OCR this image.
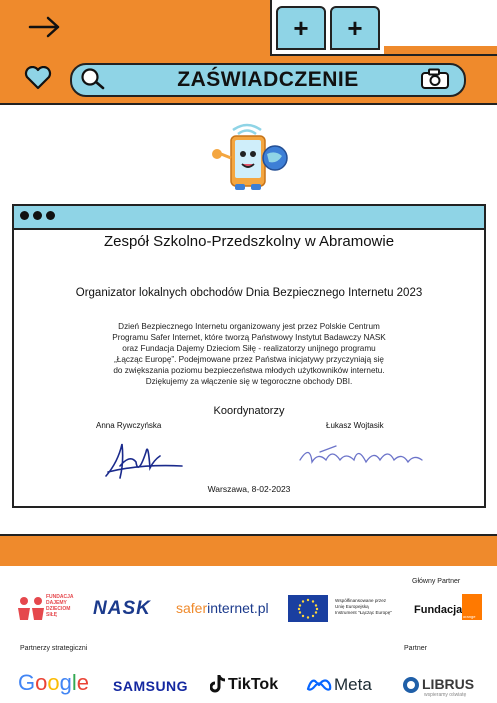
+	+
ZAŚWIADCZENIE
Zespół Szkolno-Przedszkolny w Abramowie
Organizator lokalnych obchodów Dnia Bezpiecznego Internetu 2023
Dzień Bezpiecznego Internetu organizowany jest przez Polskie Centrum
Programu Safer Internet, które tworzą Państwowy Instytut Badawczy NASK
oraz Fundacja Dajemy Dzieciom Siłę - realizatorzy unijnego programu
„Łącząc Europę”. Podejmowane przez Państwa inicjatywy przyczyniają się
do zwiększania poziomu bezpieczeństwa młodych użytkowników internetu.
Dziękujemy za włączenie się w tegoroczne obchody DBI.
Koordynatorzy
Anna Rywczyńska	Łukasz Wojtasik
Warszawa, 8-02-2023
Główny Partner
FUNDACJA
DAJEMY
DZIECIOM
SIŁĘ	NASK saferinternet.pl	Współfinansowane przez
Unię Europejską
Instrument "Łącząc Europę" Fundacja
orange
Partnerzy strategiczni	Partner
Google SAMSUNG TikTok	Meta	LIBRUS
wspieramy oświatę
